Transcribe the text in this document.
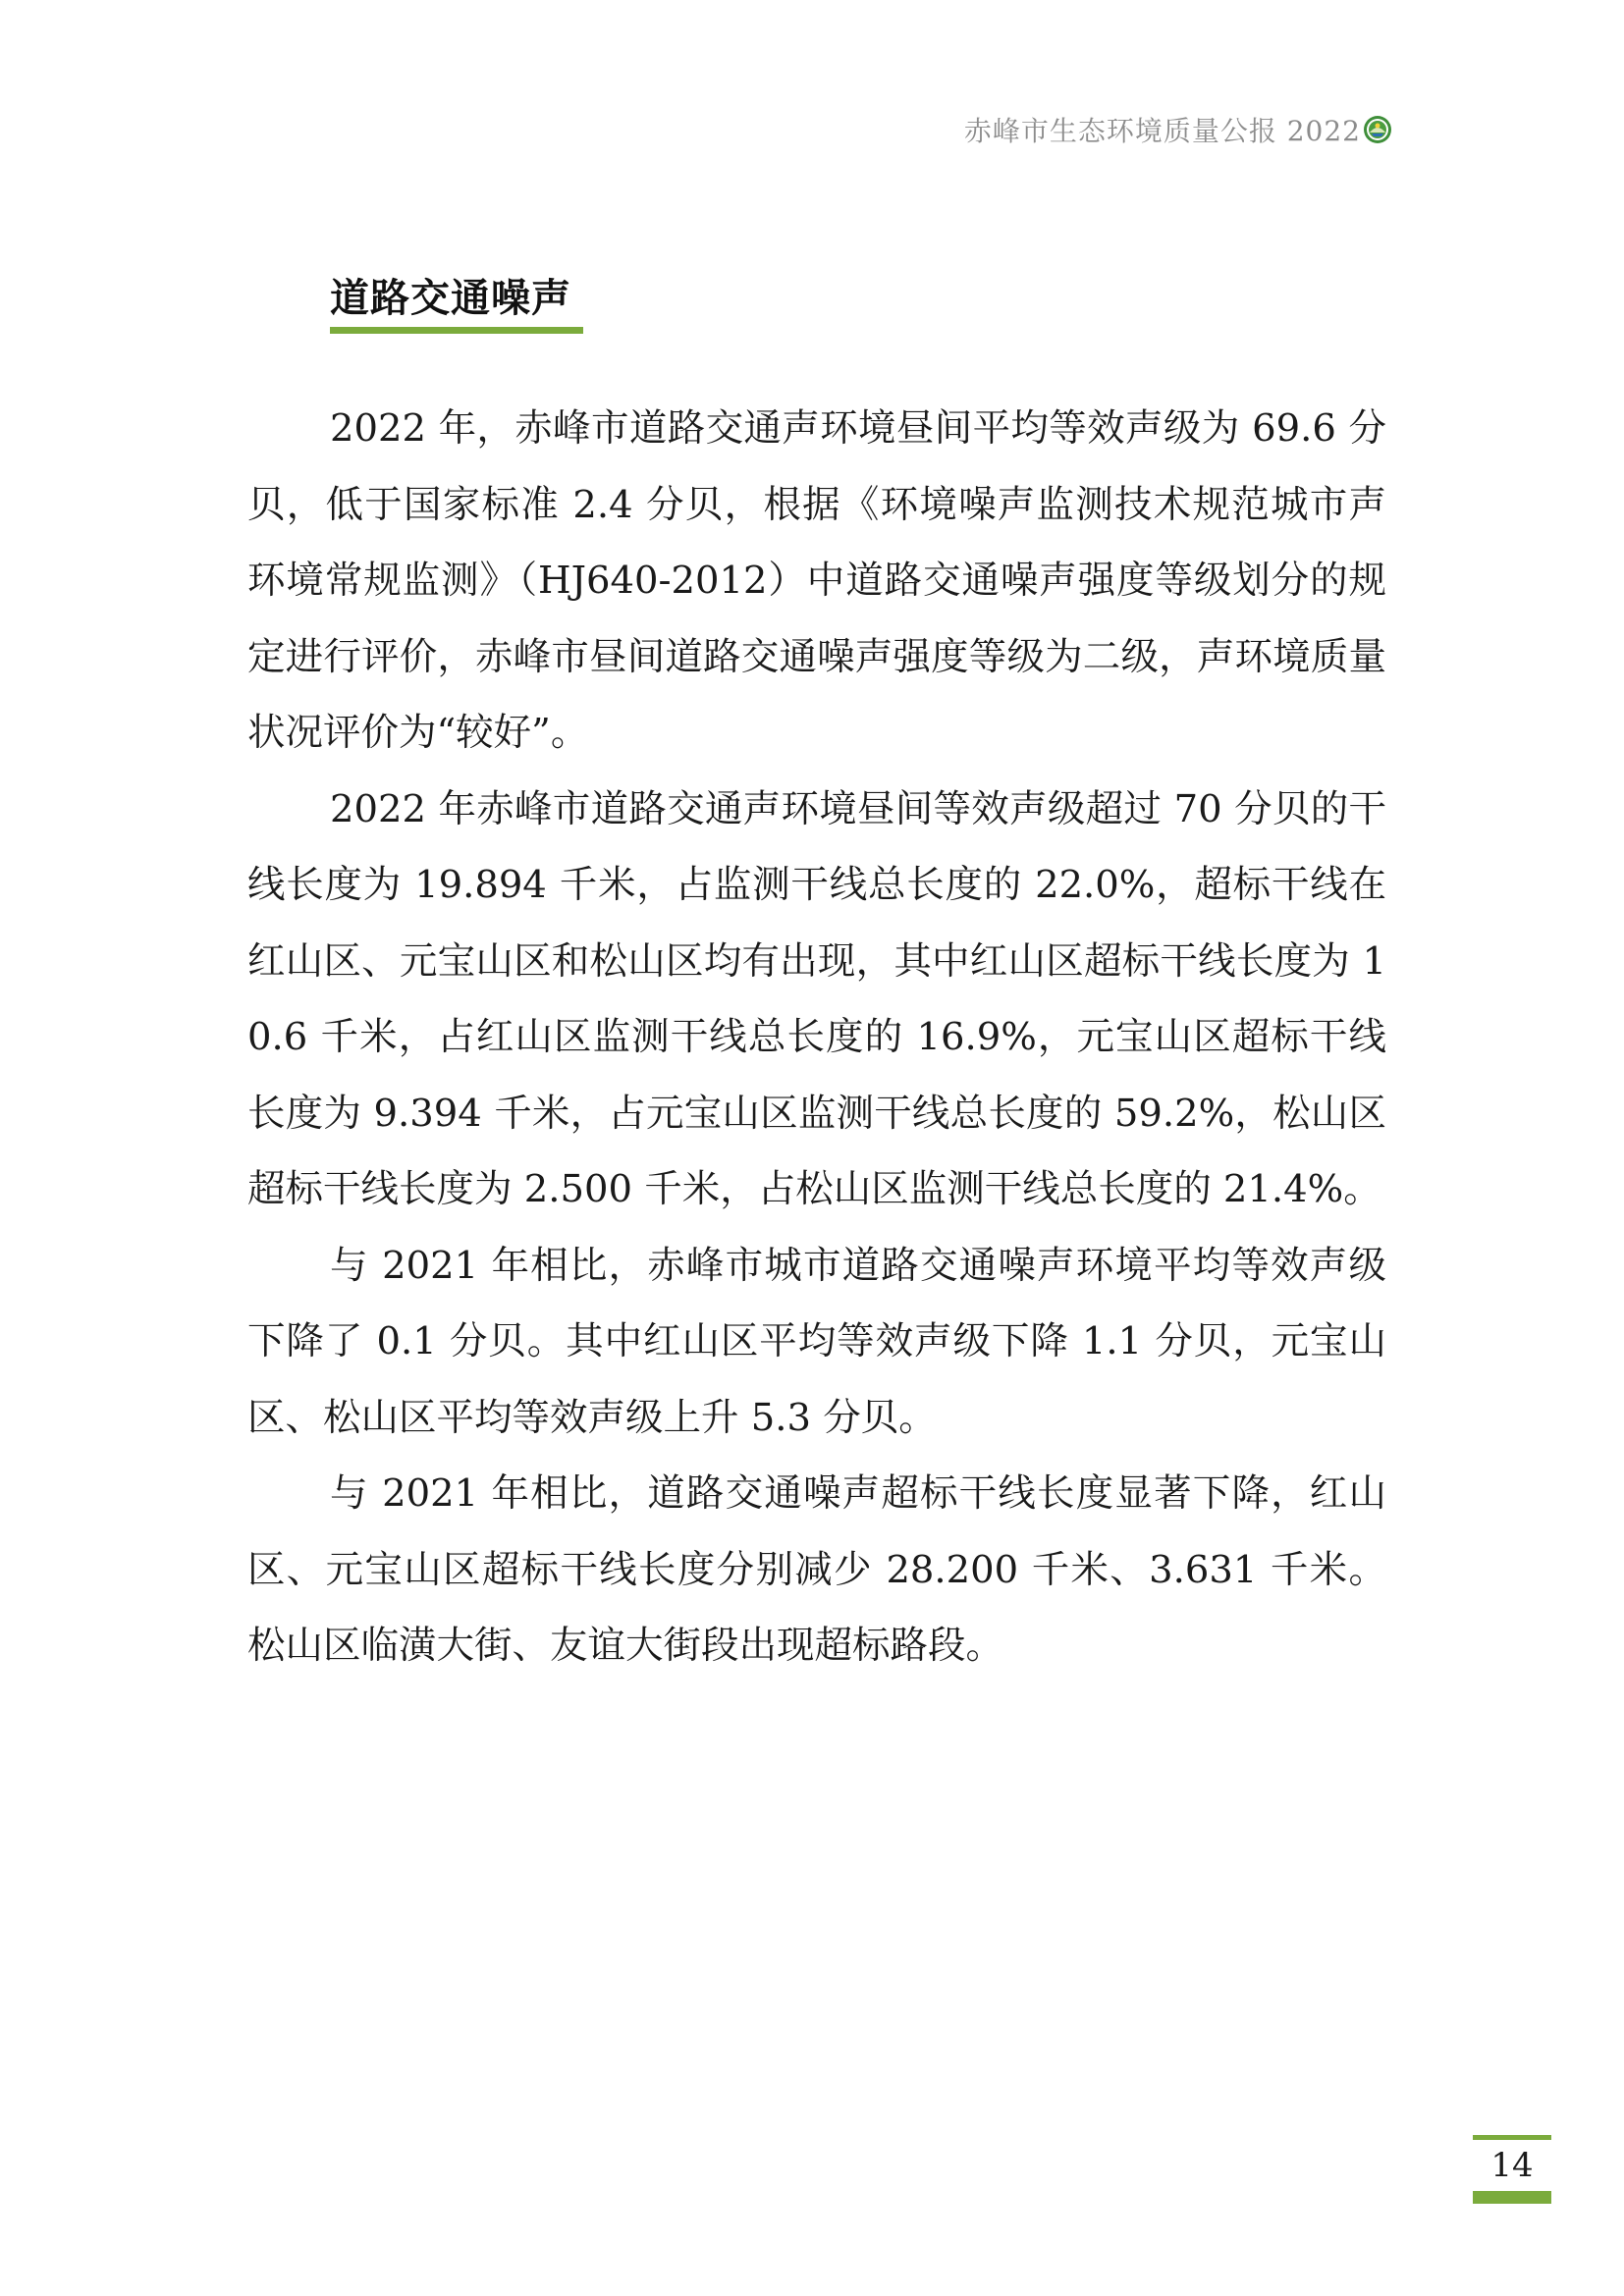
赤峰市生态环境质量公报 2022
道路交通噪声

2022 年，赤峰市道路交通声环境昼间平均等效声级为 69.6 分贝，低于国家标准 2.4 分贝，根据《环境噪声监测技术规范城市声环境常规监测》（HJ640-2012）中道路交通噪声强度等级划分的规定进行评价，赤峰市昼间道路交通噪声强度等级为二级，声环境质量状况评价为“较好”。

2022 年赤峰市道路交通声环境昼间等效声级超过 70 分贝的干线长度为 19.894 千米，占监测干线总长度的 22.0%，超标干线在红山区、元宝山区和松山区均有出现，其中红山区超标干线长度为 10.6 千米，占红山区监测干线总长度的 16.9%，元宝山区超标干线长度为 9.394 千米，占元宝山区监测干线总长度的 59.2%，松山区超标干线长度为 2.500 千米，占松山区监测干线总长度的 21.4%。

与 2021 年相比，赤峰市城市道路交通噪声环境平均等效声级下降了 0.1 分贝。其中红山区平均等效声级下降 1.1 分贝，元宝山区、松山区平均等效声级上升 5.3 分贝。

与 2021 年相比，道路交通噪声超标干线长度显著下降，红山区、元宝山区超标干线长度分别减少 28.200 千米、3.631 千米。松山区临潢大街、友谊大街段出现超标路段。

14
